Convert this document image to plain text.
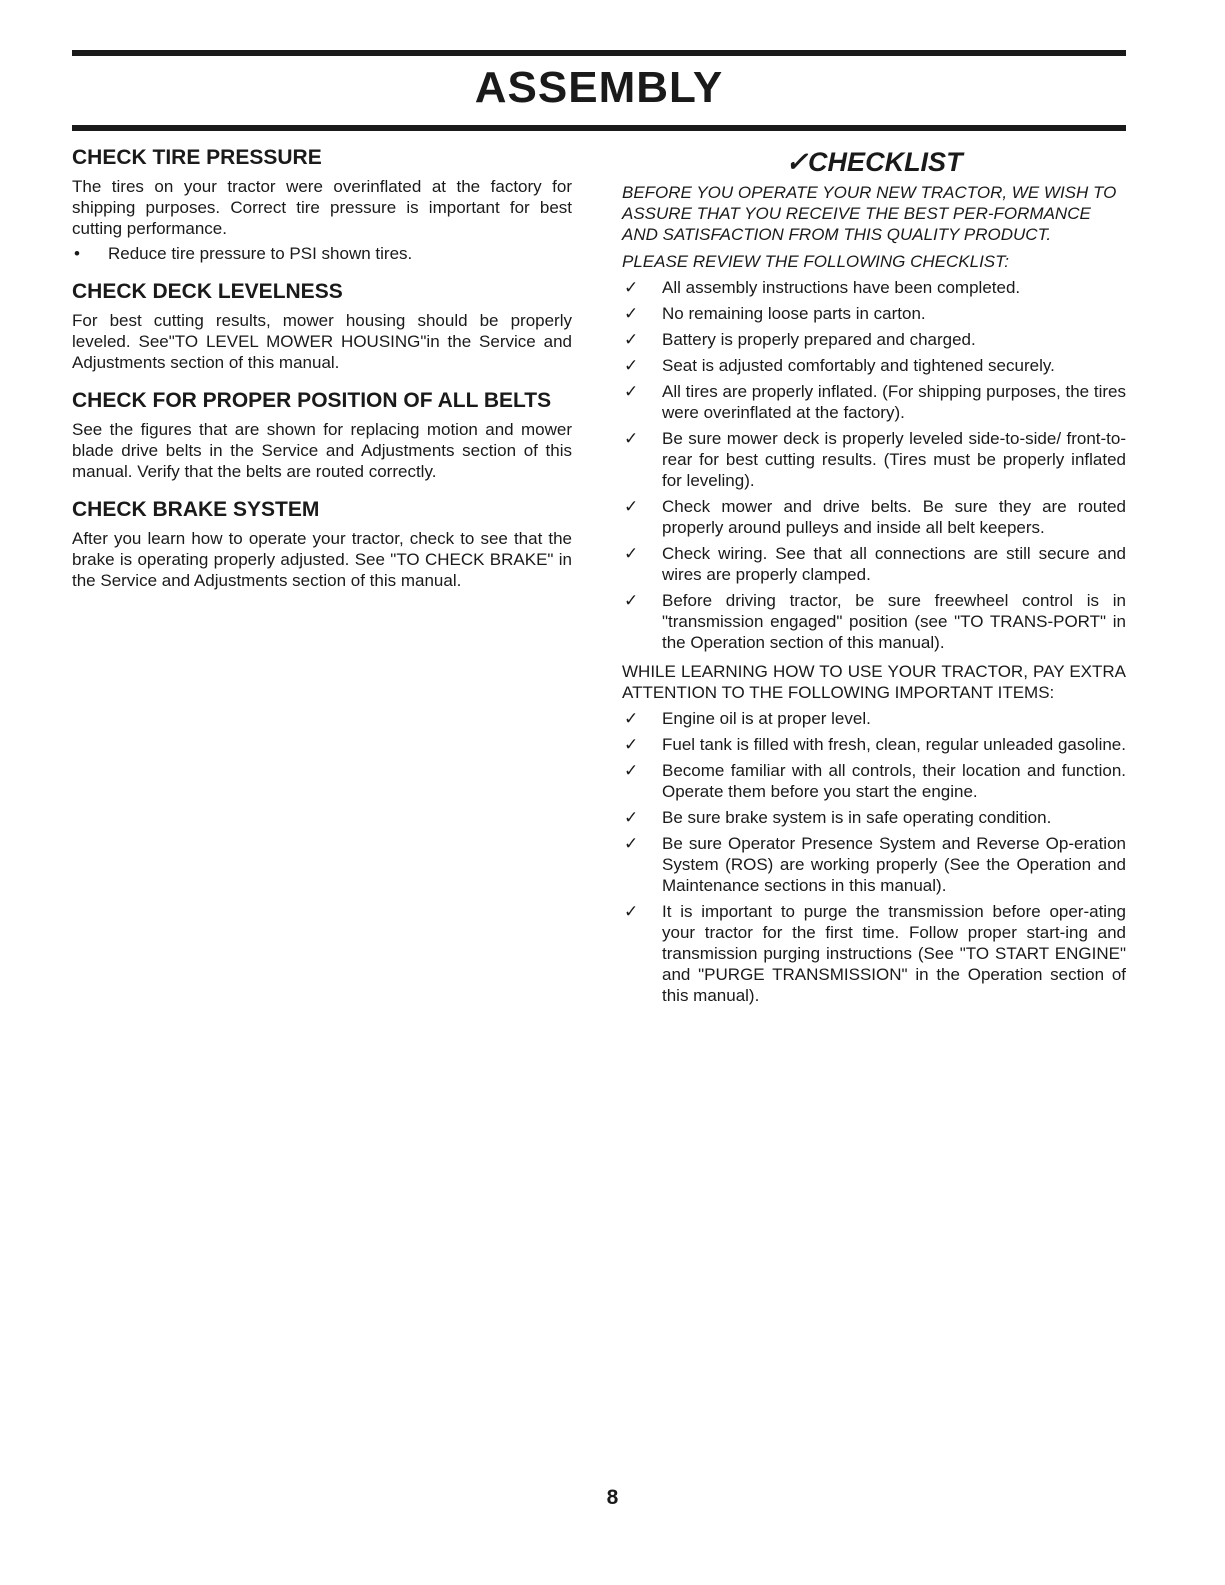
ASSEMBLY
CHECK TIRE PRESSURE

The tires on your tractor were overinflated at the factory for shipping purposes. Correct tire pressure is important for best cutting performance.

•	Reduce tire pressure to PSI shown tires.
CHECK DECK LEVELNESS

For best cutting results, mower housing should be properly leveled. See"TO LEVEL MOWER HOUSING"in the Service and Adjustments section of this manual.

CHECK FOR PROPER POSITION OF ALL BELTS

See the figures that are shown for replacing motion and mower blade drive belts in the Service and Adjustments section of this manual. Verify that the belts are routed correctly.

CHECK BRAKE SYSTEM

After you learn how to operate your tractor, check to see that the brake is operating properly adjusted. See "TO CHECK BRAKE" in the Service and Adjustments section of this manual.

✓CHECKLIST

BEFORE YOU OPERATE YOUR NEW TRACTOR, WE WISH TO ASSURE THAT YOU RECEIVE THE BEST PER-FORMANCE AND SATISFACTION FROM THIS QUALITY PRODUCT.

PLEASE REVIEW THE FOLLOWING CHECKLIST:

✓	All assembly instructions have been completed.
✓	No remaining loose parts in carton.
✓	Battery is properly prepared and charged.
✓	Seat is adjusted comfortably and tightened securely.
✓	All tires are properly inflated. (For shipping purposes, the tires were overinflated at the factory).
✓	Be sure mower deck is properly leveled side-to-side/ front-to-rear for best cutting results. (Tires must be properly inflated for leveling).
✓	Check mower and drive belts. Be sure they are routed properly around pulleys and inside all belt keepers.
✓	Check wiring. See that all connections are still secure and wires are properly clamped.
✓	Before driving tractor, be sure freewheel control is in "transmission engaged" position (see "TO TRANS-PORT" in the Operation section of this manual).

WHILE LEARNING HOW TO USE YOUR TRACTOR, PAY EXTRA ATTENTION TO THE FOLLOWING IMPORTANT ITEMS:

✓	Engine oil is at proper level.
✓	Fuel tank is filled with fresh, clean, regular unleaded gasoline.
✓	Become familiar with all controls, their location and function. Operate them before you start the engine.
✓	Be sure brake system is in safe operating condition.
✓	Be sure Operator Presence System and Reverse Op-eration System (ROS) are working properly (See the Operation and Maintenance sections in this manual).
✓	It is important to purge the transmission before oper-ating your tractor for the first time. Follow proper start-ing and transmission purging instructions (See "TO START ENGINE" and "PURGE TRANSMISSION" in the Operation section of this manual).
8
